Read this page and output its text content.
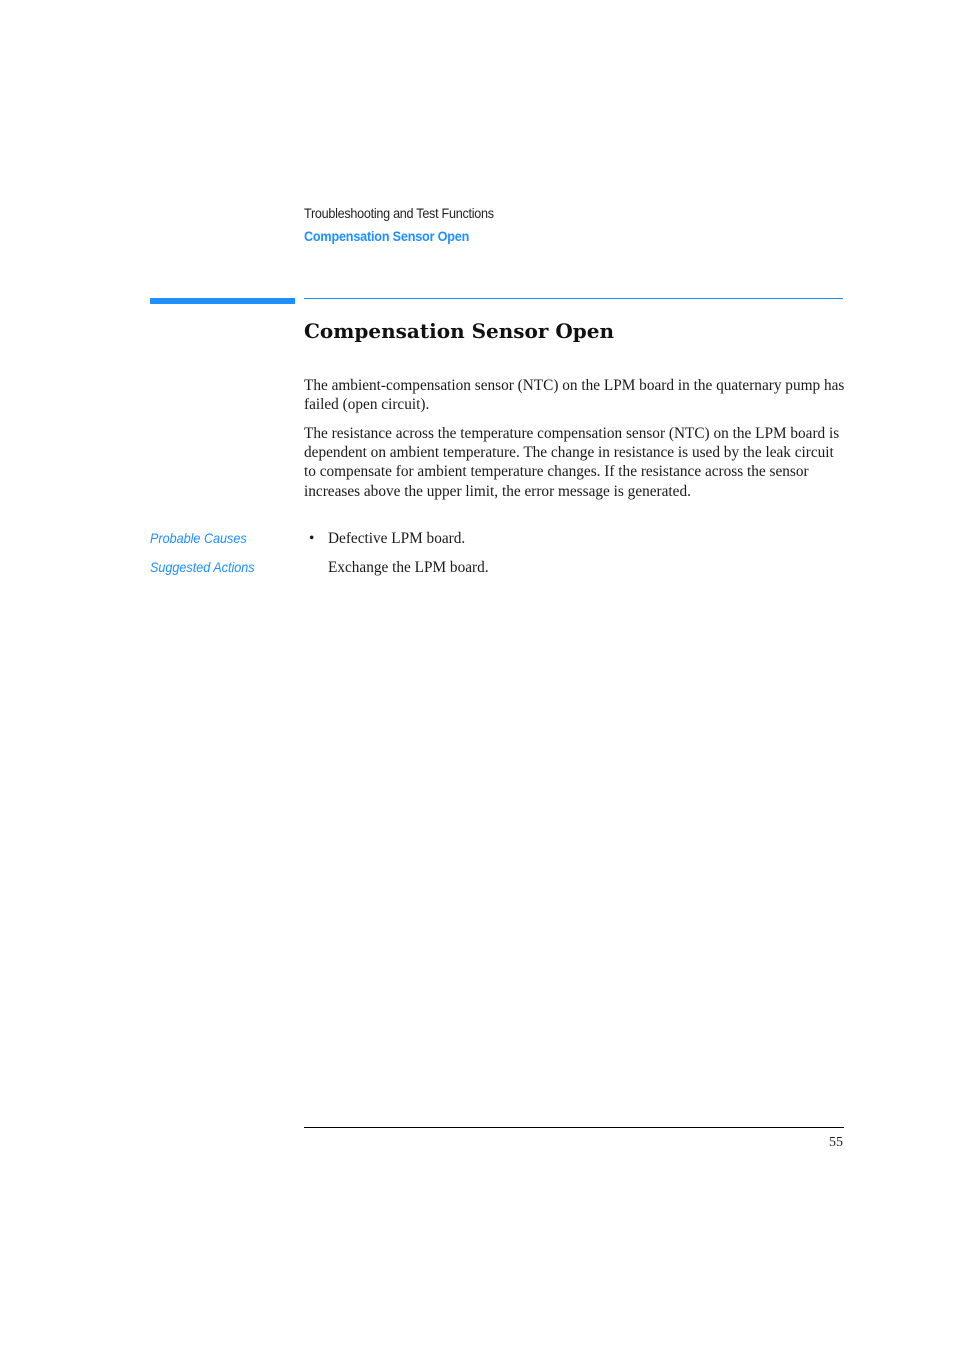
Troubleshooting and Test Functions
Compensation Sensor Open
Compensation Sensor Open

The ambient-compensation sensor (NTC) on the LPM board in the quaternary pump has failed (open circuit).

The resistance across the temperature compensation sensor (NTC) on the LPM board is dependent on ambient temperature. The change in resistance is used by the leak circuit to compensate for ambient temperature changes. If the resistance across the sensor increases above the upper limit, the error message is generated.

Probable Causes	• Defective LPM board.
Suggested Actions	Exchange the LPM board.
55
